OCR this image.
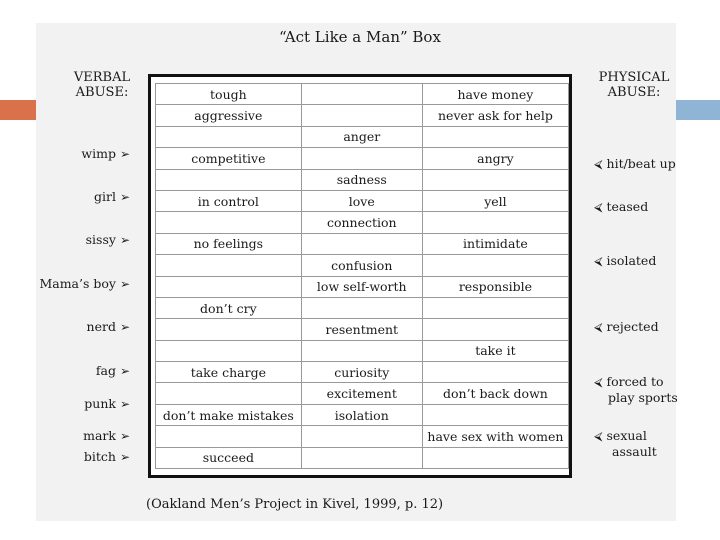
“Act Like a Man” Box
VERBAL
ABUSE:
PHYSICAL
ABUSE:
wimp ➢
girl ➢
sissy ➢
Mama’s boy ➢
nerd ➢
fag ➢
punk ➢
mark ➢
bitch ➢
⮘ hit/beat up
⮘ teased
⮘ isolated
⮘ rejected
⮘ forced to
play sports
⮘ sexual
assault
tough		have money
aggressive		never ask for help
	anger	
competitive		angry
	sadness	
in control	love	yell
	connection	
no feelings		intimidate
	confusion	
	low self-worth	responsible
don’t cry		
	resentment	
		take it
take charge	curiosity	
	excitement	don’t back down
don’t make mistakes	isolation	
		have sex with women
succeed		
(Oakland Men’s Project in Kivel, 1999, p. 12)
